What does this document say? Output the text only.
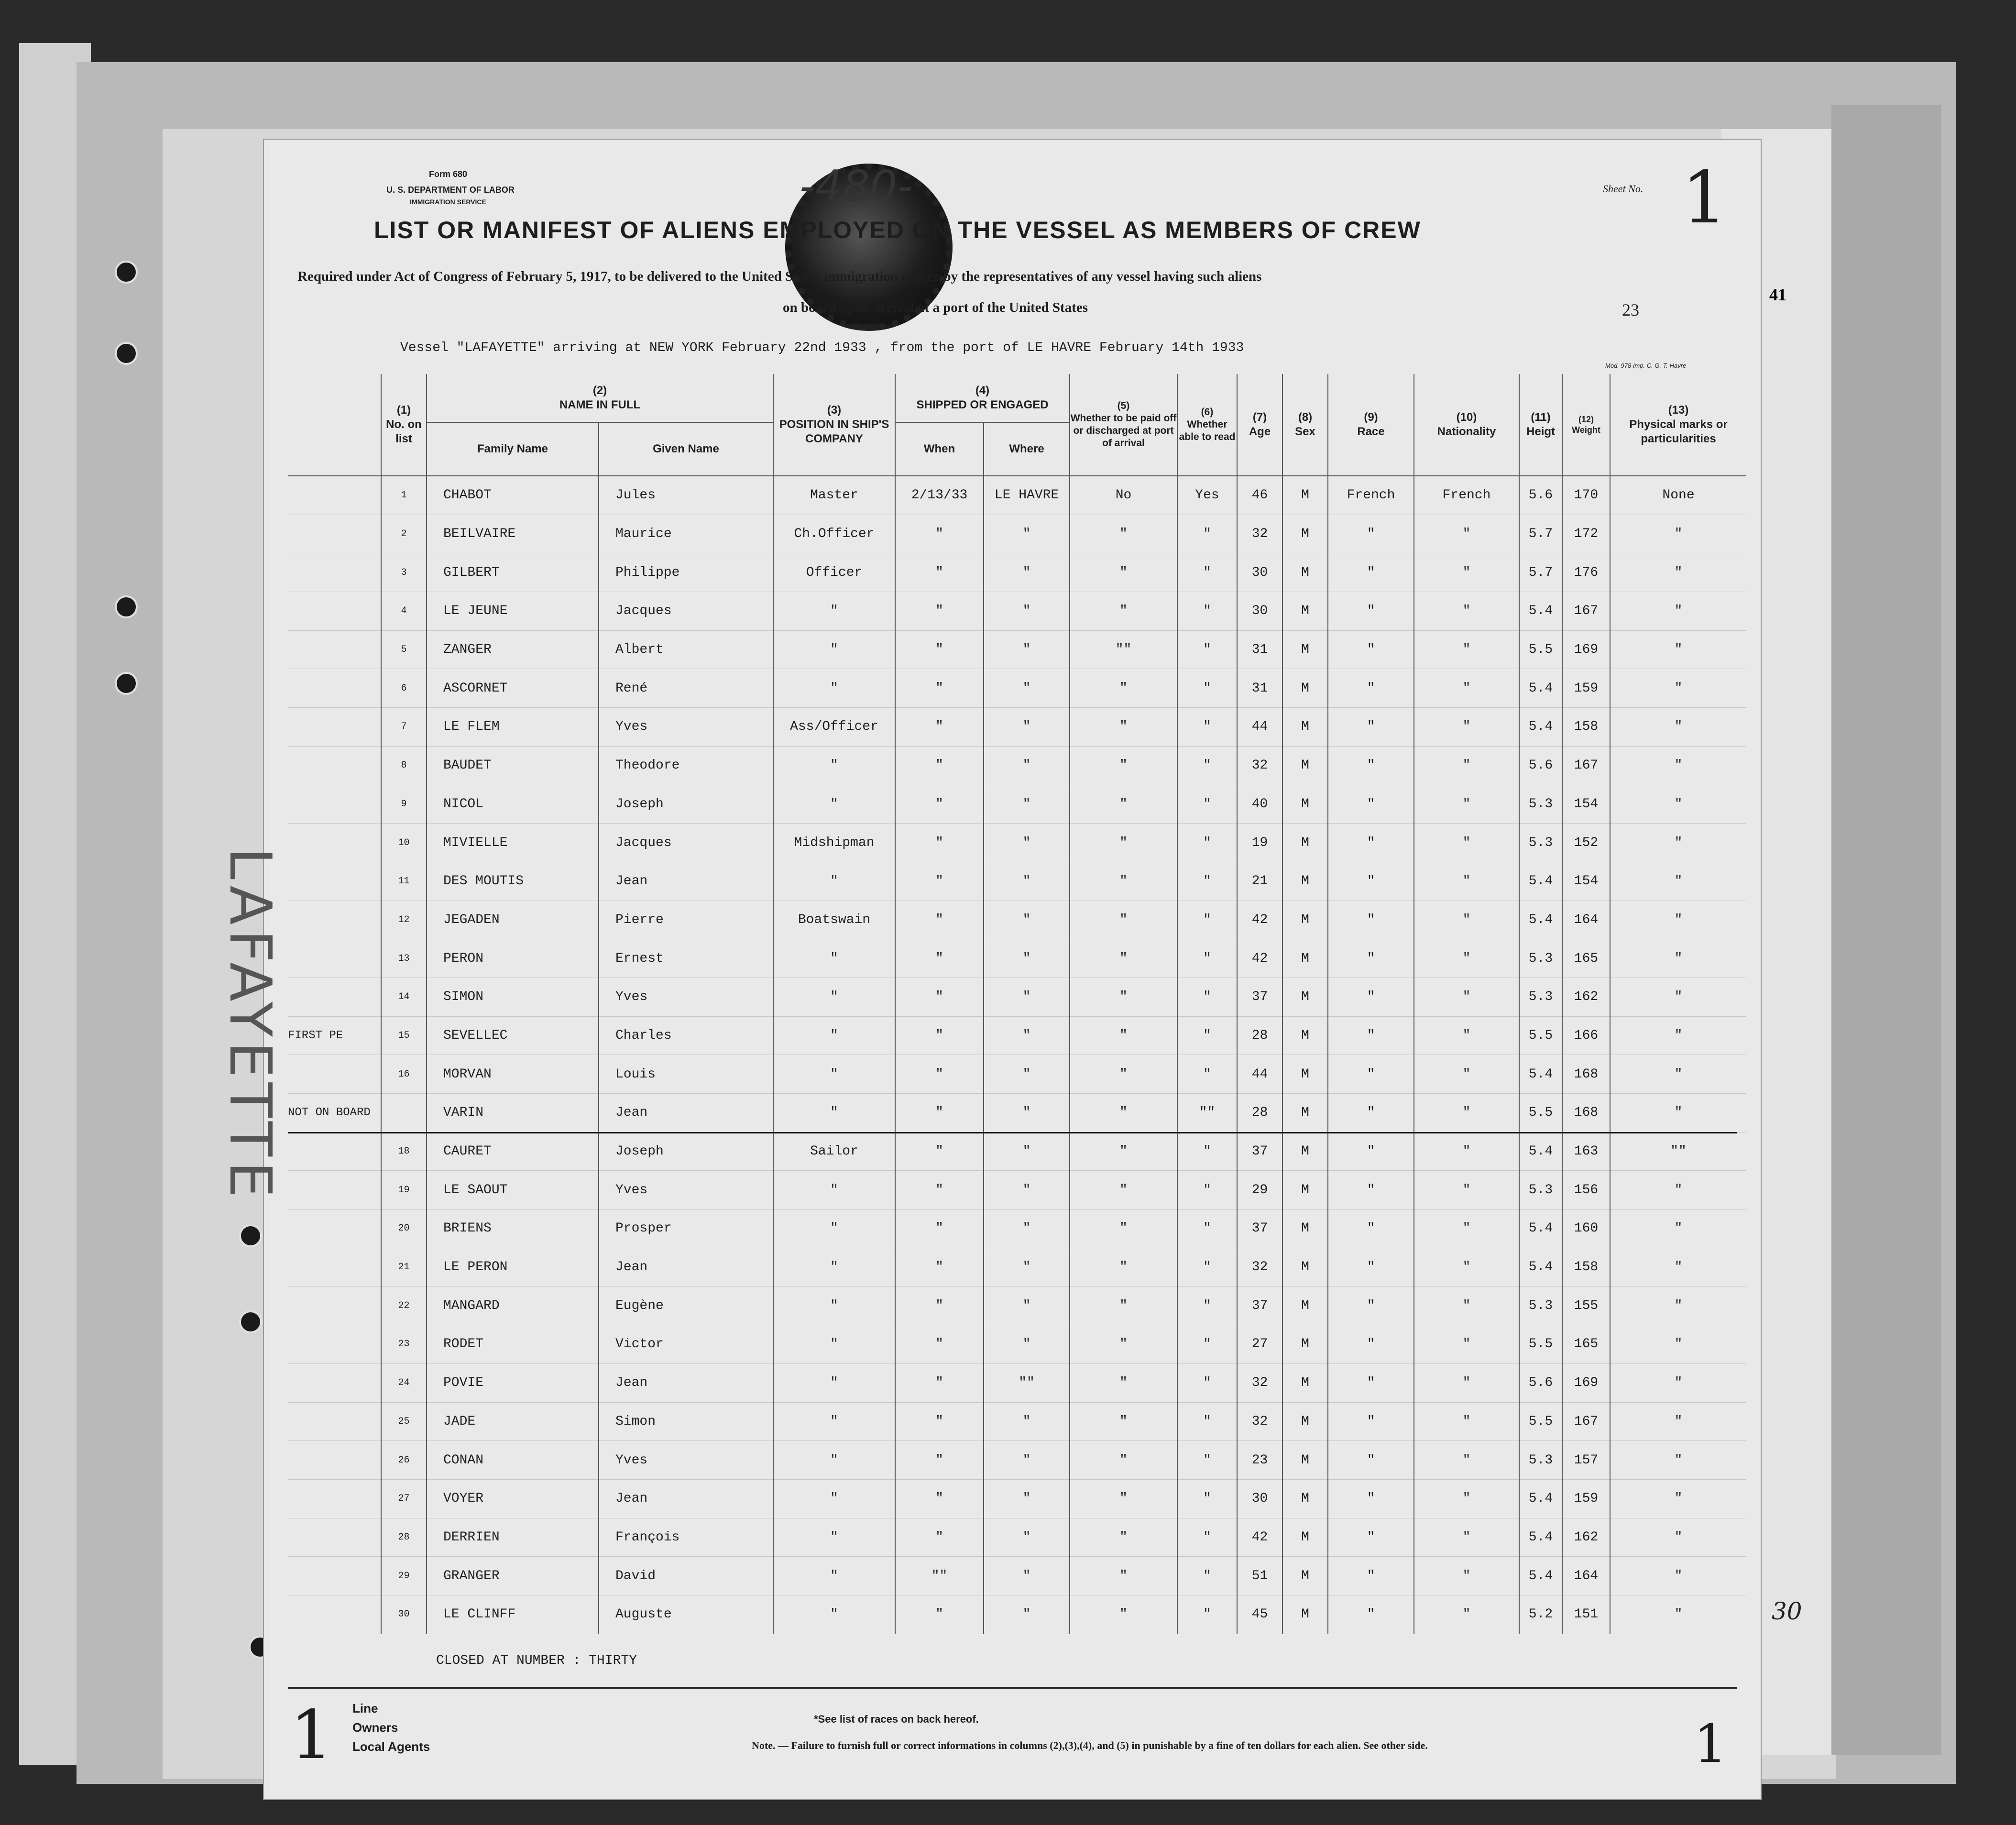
41
30
Form 680
U. S. DEPARTMENT OF LABOR
IMMIGRATION SERVICE	-480-	Sheet No. 1
LIST OR MANIFEST OF ALIENS EMPLOYED ON THE VESSEL AS MEMBERS OF CREW
Required under Act of Congress of February 5, 1917, to be delivered to the United States immigration officer by the representatives of any vessel having such aliens
on board upon arrival at a port of the United States	23
Vessel "LAFAYETTE" arriving at NEW YORK February 22nd 1933 , from the port of LE HAVRE February 14th 1933
Mod. 978 Imp. C. G. T. Havre
LAFAYETTE
	(1)
No. on list	(2)
NAME IN FULL		(3)
POSITION IN SHIP'S COMPANY	(4)
SHIPPED OR ENGAGED		(5)
Whether to be paid off or discharged at port of arrival	(6)
Whether able to read	(7)
Age	(8)
Sex	(9)
Race	(10)
Nationality	(11)
Heigt	(12)
Weight	(13)
Physical marks or particularities
		Family Name	Given Name		When	Where									
	1	CHABOT	Jules	Master	2/13/33	LE HAVRE	No	Yes	46	M	French	French	5.6	170	None
	2	BEILVAIRE	Maurice	Ch.Officer	"	"	"	"	32	M	"	"	5.7	172	"
	3	GILBERT	Philippe	Officer	"	"	"	"	30	M	"	"	5.7	176	"
	4	LE JEUNE	Jacques	"	"	"	"	"	30	M	"	"	5.4	167	"
	5	ZANGER	Albert	"	"	"	""	"	31	M	"	"	5.5	169	"
	6	ASCORNET	René	"	"	"	"	"	31	M	"	"	5.4	159	"
	7	LE FLEM	Yves	Ass/Officer	"	"	"	"	44	M	"	"	5.4	158	"
	8	BAUDET	Theodore	"	"	"	"	"	32	M	"	"	5.6	167	"
	9	NICOL	Joseph	"	"	"	"	"	40	M	"	"	5.3	154	"
	10	MIVIELLE	Jacques	Midshipman	"	"	"	"	19	M	"	"	5.3	152	"
	11	DES MOUTIS	Jean	"	"	"	"	"	21	M	"	"	5.4	154	"
	12	JEGADEN	Pierre	Boatswain	"	"	"	"	42	M	"	"	5.4	164	"
	13	PERON	Ernest	"	"	"	"	"	42	M	"	"	5.3	165	"
	14	SIMON	Yves	"	"	"	"	"	37	M	"	"	5.3	162	"
FIRST PE	15	SEVELLEC	Charles	"	"	"	"	"	28	M	"	"	5.5	166	"
	16	MORVAN	Louis	"	"	"	"	"	44	M	"	"	5.4	168	"
NOT ON BOARD		VARIN	Jean	"	"	"	"	""	28	M	"	"	5.5	168	"
	18	CAURET	Joseph	Sailor	"	"	"	"	37	M	"	"	5.4	163	""
	19	LE SAOUT	Yves	"	"	"	"	"	29	M	"	"	5.3	156	"
	20	BRIENS	Prosper	"	"	"	"	"	37	M	"	"	5.4	160	"
	21	LE PERON	Jean	"	"	"	"	"	32	M	"	"	5.4	158	"
	22	MANGARD	Eugène	"	"	"	"	"	37	M	"	"	5.3	155	"
	23	RODET	Victor	"	"	"	"	"	27	M	"	"	5.5	165	"
	24	POVIE	Jean	"	"	""	"	"	32	M	"	"	5.6	169	"
	25	JADE	Simon	"	"	"	"	"	32	M	"	"	5.5	167	"
	26	CONAN	Yves	"	"	"	"	"	23	M	"	"	5.3	157	"
	27	VOYER	Jean	"	"	"	"	"	30	M	"	"	5.4	159	"
	28	DERRIEN	François	"	"	"	"	"	42	M	"	"	5.4	162	"
	29	GRANGER	David	"	""	"	"	"	51	M	"	"	5.4	164	"
	30	LE CLINFF	Auguste	"	"	"	"	"	45	M	"	"	5.2	151	"
CLOSED AT NUMBER : THIRTY
1 Line
Owners
Local Agents
*See list of races on back hereof.
Note. — Failure to furnish full or correct informations in columns (2),(3),(4), and (5) in punishable by a fine of ten dollars for each alien. See other side.	1
